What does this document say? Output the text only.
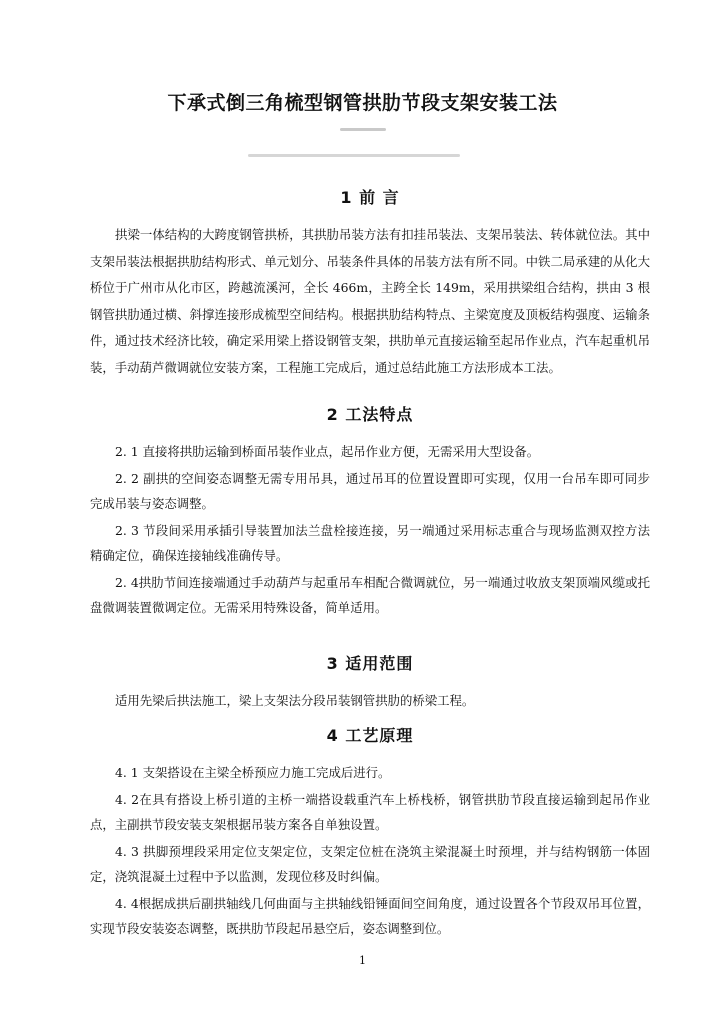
下承式倒三角梳型钢管拱肋节段支架安装工法
1 前 言

拱梁一体结构的大跨度钢管拱桥，其拱肋吊装方法有扣挂吊装法、支架吊装法、转体就位法。其中支架吊装法根据拱肋结构形式、单元划分、吊装条件具体的吊装方法有所不同。中铁二局承建的从化大桥位于广州市从化市区，跨越流溪河，全长 466m，主跨全长 149m，采用拱梁组合结构，拱由 3 根钢管拱肋通过横、斜撑连接形成梳型空间结构。根据拱肋结构特点、主梁宽度及顶板结构强度、运输条件，通过技术经济比较，确定采用梁上搭设钢管支架，拱肋单元直接运输至起吊作业点，汽车起重机吊装，手动葫芦微调就位安装方案，工程施工完成后，通过总结此施工方法形成本工法。

2 工法特点

2. 1 直接将拱肋运输到桥面吊装作业点，起吊作业方便，无需采用大型设备。

2. 2 副拱的空间姿态调整无需专用吊具，通过吊耳的位置设置即可实现，仅用一台吊车即可同步完成吊装与姿态调整。

2. 3 节段间采用承插引导装置加法兰盘栓接连接，另一端通过采用标志重合与现场监测双控方法精确定位，确保连接轴线准确传导。

2. 4拱肋节间连接端通过手动葫芦与起重吊车相配合微调就位，另一端通过收放支架顶端风缆或托盘微调装置微调定位。无需采用特殊设备，简单适用。

3 适用范围

适用先梁后拱法施工，梁上支架法分段吊装钢管拱肋的桥梁工程。

4 工艺原理

4. 1 支架搭设在主梁全桥预应力施工完成后进行。

4. 2在具有搭设上桥引道的主桥一端搭设载重汽车上桥栈桥，钢管拱肋节段直接运输到起吊作业点，主副拱节段安装支架根据吊装方案各自单独设置。

4. 3 拱脚预埋段采用定位支架定位，支架定位桩在浇筑主梁混凝土时预埋，并与结构钢筋一体固定，浇筑混凝土过程中予以监测，发现位移及时纠偏。

4. 4根据成拱后副拱轴线几何曲面与主拱轴线铅锤面间空间角度，通过设置各个节段双吊耳位置，实现节段安装姿态调整，既拱肋节段起吊悬空后，姿态调整到位。

1
